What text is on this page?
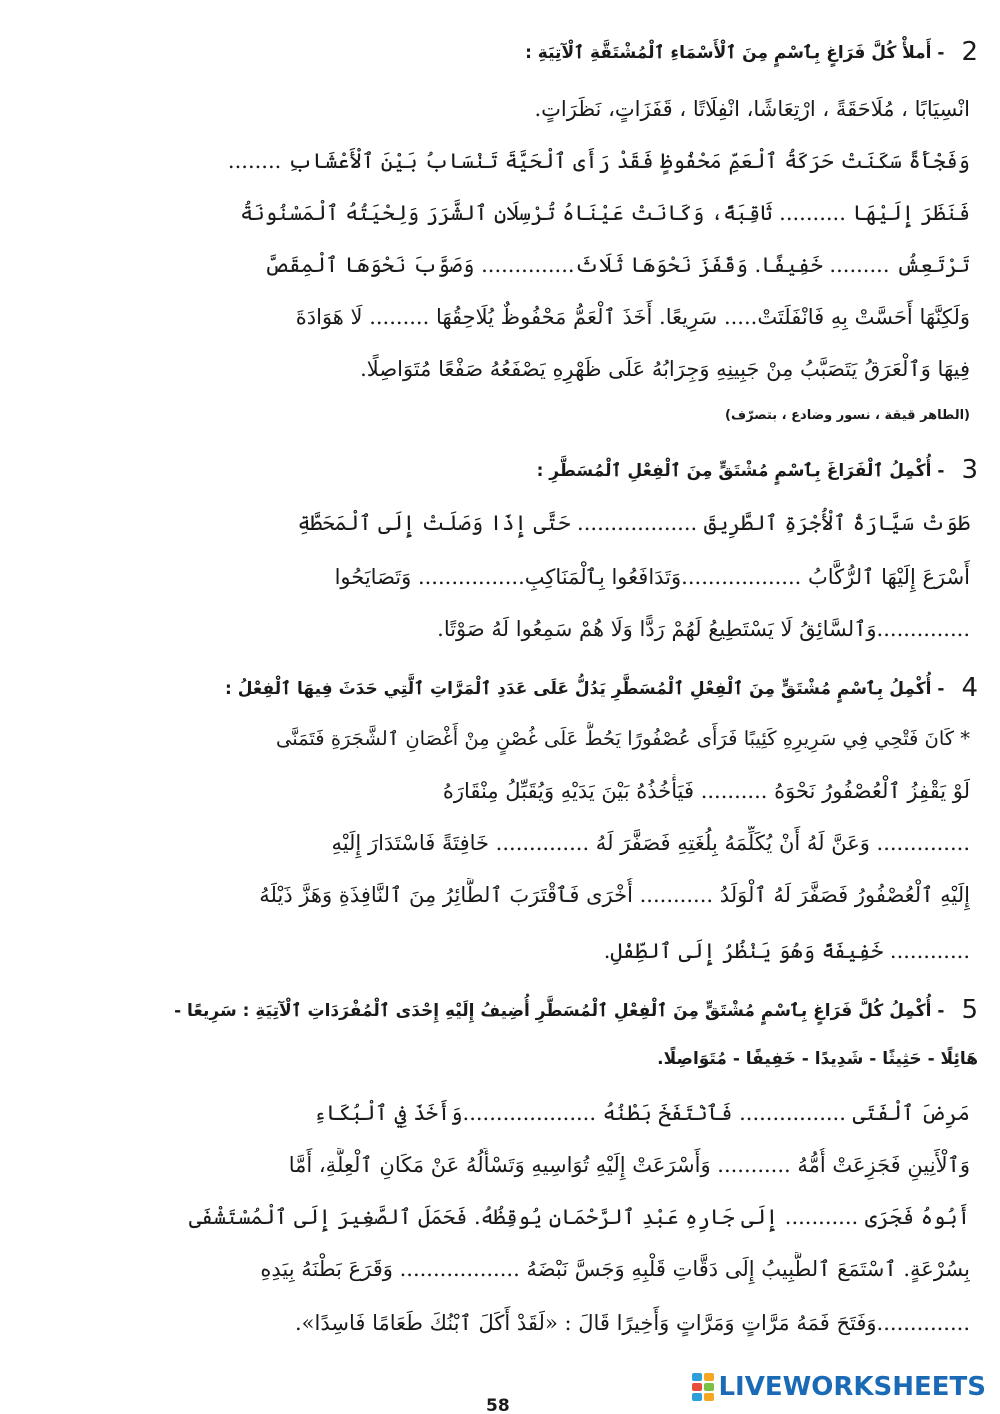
2 - أَملأْ كُلَّ فَرَاغٍ بِٱسْمٍ مِنَ ٱلْأَسْمَاءِ ٱلْمُشْتَقَّةِ ٱلْآتِيَةِ :
انْسِيَابًا ، مُلَاحَقَةً ، ارْتِعَاشًا، انْفِلَاتًا ، قَفَزَاتٍ، نَظَرَاتٍ.
وَفَجْأَةً سَكَنَتْ حَرَكَةُ ٱلْعَمِّ مَحْفُوظٍ فَقَدْ رَأَى ٱلْحَيَّةَ تَنْسَابُ بَيْنَ ٱلْأَعْشَابِ ........
فَنَظَرَ إِلَيْهَا .......... ثَاقِبَةً، وَكَانَتْ عَيْنَاهُ تُرْسِلَانِ ٱلشَّرَرَ وَلِحْيَتُهُ ٱلْمَسْنُونَةُ
تَرْتَعِشُ ......... خَفِيفًا. وَقَفَزَ نَحْوَهَا ثَلَاثَ.............. وَصَوَّبَ نَحْوَهَا ٱلْمِقَصَّ
وَلَكِنَّهَا أَحَسَّتْ بِهِ فَانْفَلَتَتْ..... سَرِيعًا. أَخَذَ ٱلْعَمُّ مَحْفُوظٌ يُلَاحِقُهَا ......... لَا هَوَادَةَ
فِيهَا وَٱلْعَرَقُ يَتَصَبَّبُ مِنْ جَبِينِهِ وَجِرَابُهُ عَلَى ظَهْرِهِ يَصْفَعُهُ صَفْعًا مُتَوَاصِلًا.
(الطاهر قيقة ، نسور وضادع ، بتصرّف)
3 - أُكْمِلُ ٱلْفَرَاغَ بِٱسْمٍ مُشْتَقٍّ مِنَ ٱلْفِعْلِ ٱلْمُسَطَّرِ :
طَوَتْ سَيَّارَةُ ٱلْأُجْرَةِ ٱلطَّرِيقَ .................. حَتَّى إِذَا وَصَلَتْ إِلَى ٱلْمَحَطَّةِ
أَسْرَعَ إِلَيْهَا ٱلرُّكَّابُ ..................وَتَدَافَعُوا بِٱلْمَنَاكِبِ................ وَتَصَايَحُوا
..............وَٱلسَّائِقُ لَا يَسْتَطِيعُ لَهُمْ رَدًّا وَلَا هُمْ سَمِعُوا لَهُ صَوْتًا.
4 - أُكْمِلُ بِٱسْمٍ مُشْتَقٍّ مِنَ ٱلْفِعْلِ ٱلْمُسَطَّرِ يَدُلُّ عَلَى عَدَدِ ٱلْمَرَّاتِ ٱلَّتِي حَدَثَ فِيهَا ٱلْفِعْلُ :
* كَانَ فَتْحِي فِي سَرِيرِهِ كَئِيبًا فَرَأَى عُصْفُورًا يَحُطُّ عَلَى غُصْنٍ مِنْ أَغْصَانِ ٱلشَّجَرَةِ فَتَمَنَّى
لَوْ يَقْفِزُ ٱلْعُصْفُورُ نَحْوَهُ .......... فَيَأْخُذُهُ بَيْنَ يَدَيْهِ وَيُقَبِّلُ مِنْقَارَهُ
.............. وَعَنَّ لَهُ أَنْ يُكَلِّمَهُ بِلُغَتِهِ فَصَفَّرَ لَهُ .............. خَافِتَةً فَاسْتَدَارَ إِلَيْهِ
إِلَيْهِ ٱلْعُصْفُورُ فَصَفَّرَ لَهُ ٱلْوَلَدُ ........... أُخْرَى فَٱقْتَرَبَ ٱلطَّائِرُ مِنَ ٱلنَّافِذَةِ وَهَزَّ ذَيْلَهُ
............ خَفِيفَةً وَهُوَ يَنْظُرُ إِلَى ٱلطِّفْلِ.
5 - أُكْمِلُ كُلَّ فَرَاغٍ بِٱسْمٍ مُشْتَقٍّ مِنَ ٱلْفِعْلِ ٱلْمُسَطَّرِ أُضِيفُ إِلَيْهِ إِحْدَى ٱلْمُفْرَدَاتِ ٱلْآتِيَةِ : سَرِيعًا -
هَائِلًا - حَثِيثًا - شَدِيدًا - خَفِيفًا - مُتَوَاصِلًا.
مَرِضَ ٱلْفَتَى ................ فَٱنْتَفَخَ بَطْنُهُ ....................وَأَخَذَ فِي ٱلْبُكَاءِ
وَٱلْأَنِينِ فَجَزِعَتْ أُمُّهُ ........... وَأَسْرَعَتْ إِلَيْهِ تُوَاسِيهِ وَتَسْأَلُهُ عَنْ مَكَانِ ٱلْعِلَّةِ، أَمَّا
أَبُوهُ فَجَرَى ........... إِلَى جَارِهِ عَبْدِ ٱلرَّحْمَانِ يُوقِظُهُ. فَحَمَلَ ٱلصَّغِيرَ إِلَى ٱلْمُسْتَشْفَى
بِسُرْعَةٍ. ٱسْتَمَعَ ٱلطَّبِيبُ إِلَى دَقَّاتِ قَلْبِهِ وَجَسَّ نَبْضَهُ .................. وَقَرَعَ بَطْنَهُ بِيَدِهِ
..............وَفَتَحَ فَمَهُ مَرَّاتٍ وَمَرَّاتٍ وَأَخِيرًا قَالَ : «لَقَدْ أَكَلَ ٱبْنُكَ طَعَامًا فَاسِدًا».
LIVEWORKSHEETS
58
